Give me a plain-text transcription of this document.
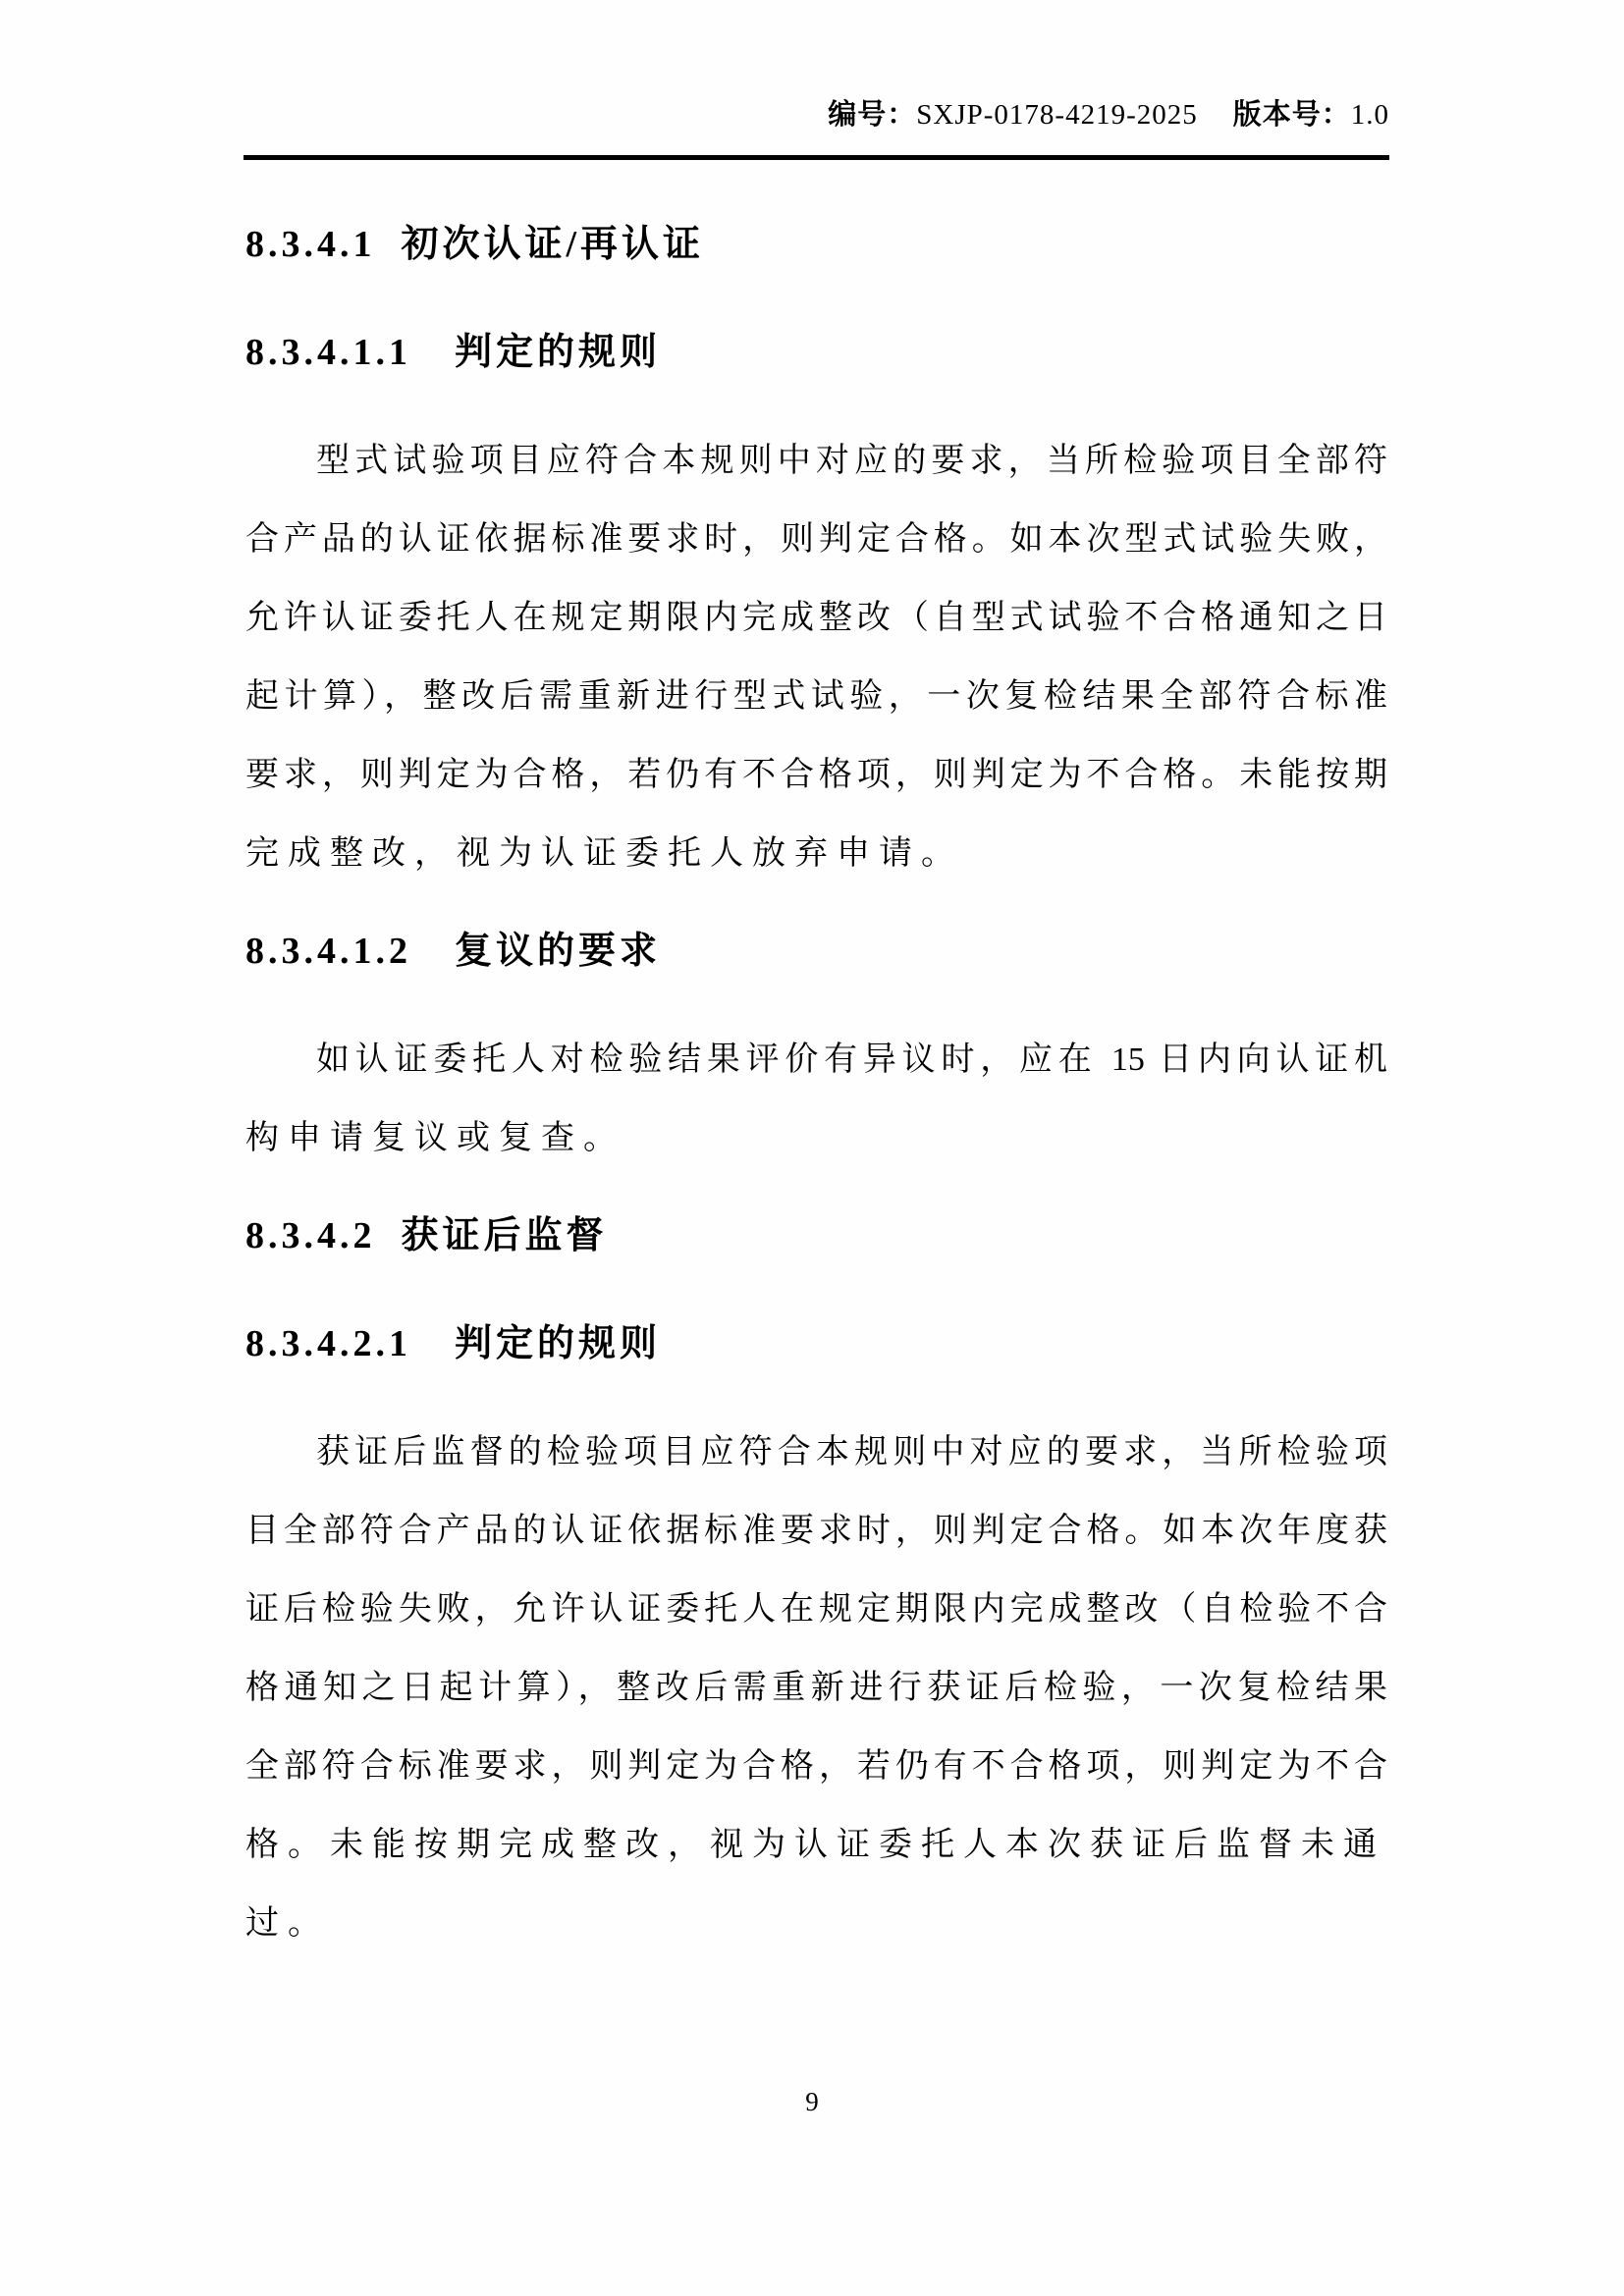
编号：SXJP-0178-4219-2025 版本号：1.0
8.3.4.1 初次认证/再认证
8.3.4.1.1 判定的规则
型式试验项目应符合本规则中对应的要求，当所检验项目全部符
合产品的认证依据标准要求时，则判定合格。如本次型式试验失败，
允许认证委托人在规定期限内完成整改（自型式试验不合格通知之日
起计算），整改后需重新进行型式试验，一次复检结果全部符合标准
要求，则判定为合格，若仍有不合格项，则判定为不合格。未能按期
完成整改，视为认证委托人放弃申请。
8.3.4.1.2 复议的要求
如认证委托人对检验结果评价有异议时，应在 15 日内向认证机
构申请复议或复查。
8.3.4.2 获证后监督
8.3.4.2.1 判定的规则
获证后监督的检验项目应符合本规则中对应的要求，当所检验项
目全部符合产品的认证依据标准要求时，则判定合格。如本次年度获
证后检验失败，允许认证委托人在规定期限内完成整改（自检验不合
格通知之日起计算），整改后需重新进行获证后检验，一次复检结果
全部符合标准要求，则判定为合格，若仍有不合格项，则判定为不合
格。未能按期完成整改，视为认证委托人本次获证后监督未通过。
9
